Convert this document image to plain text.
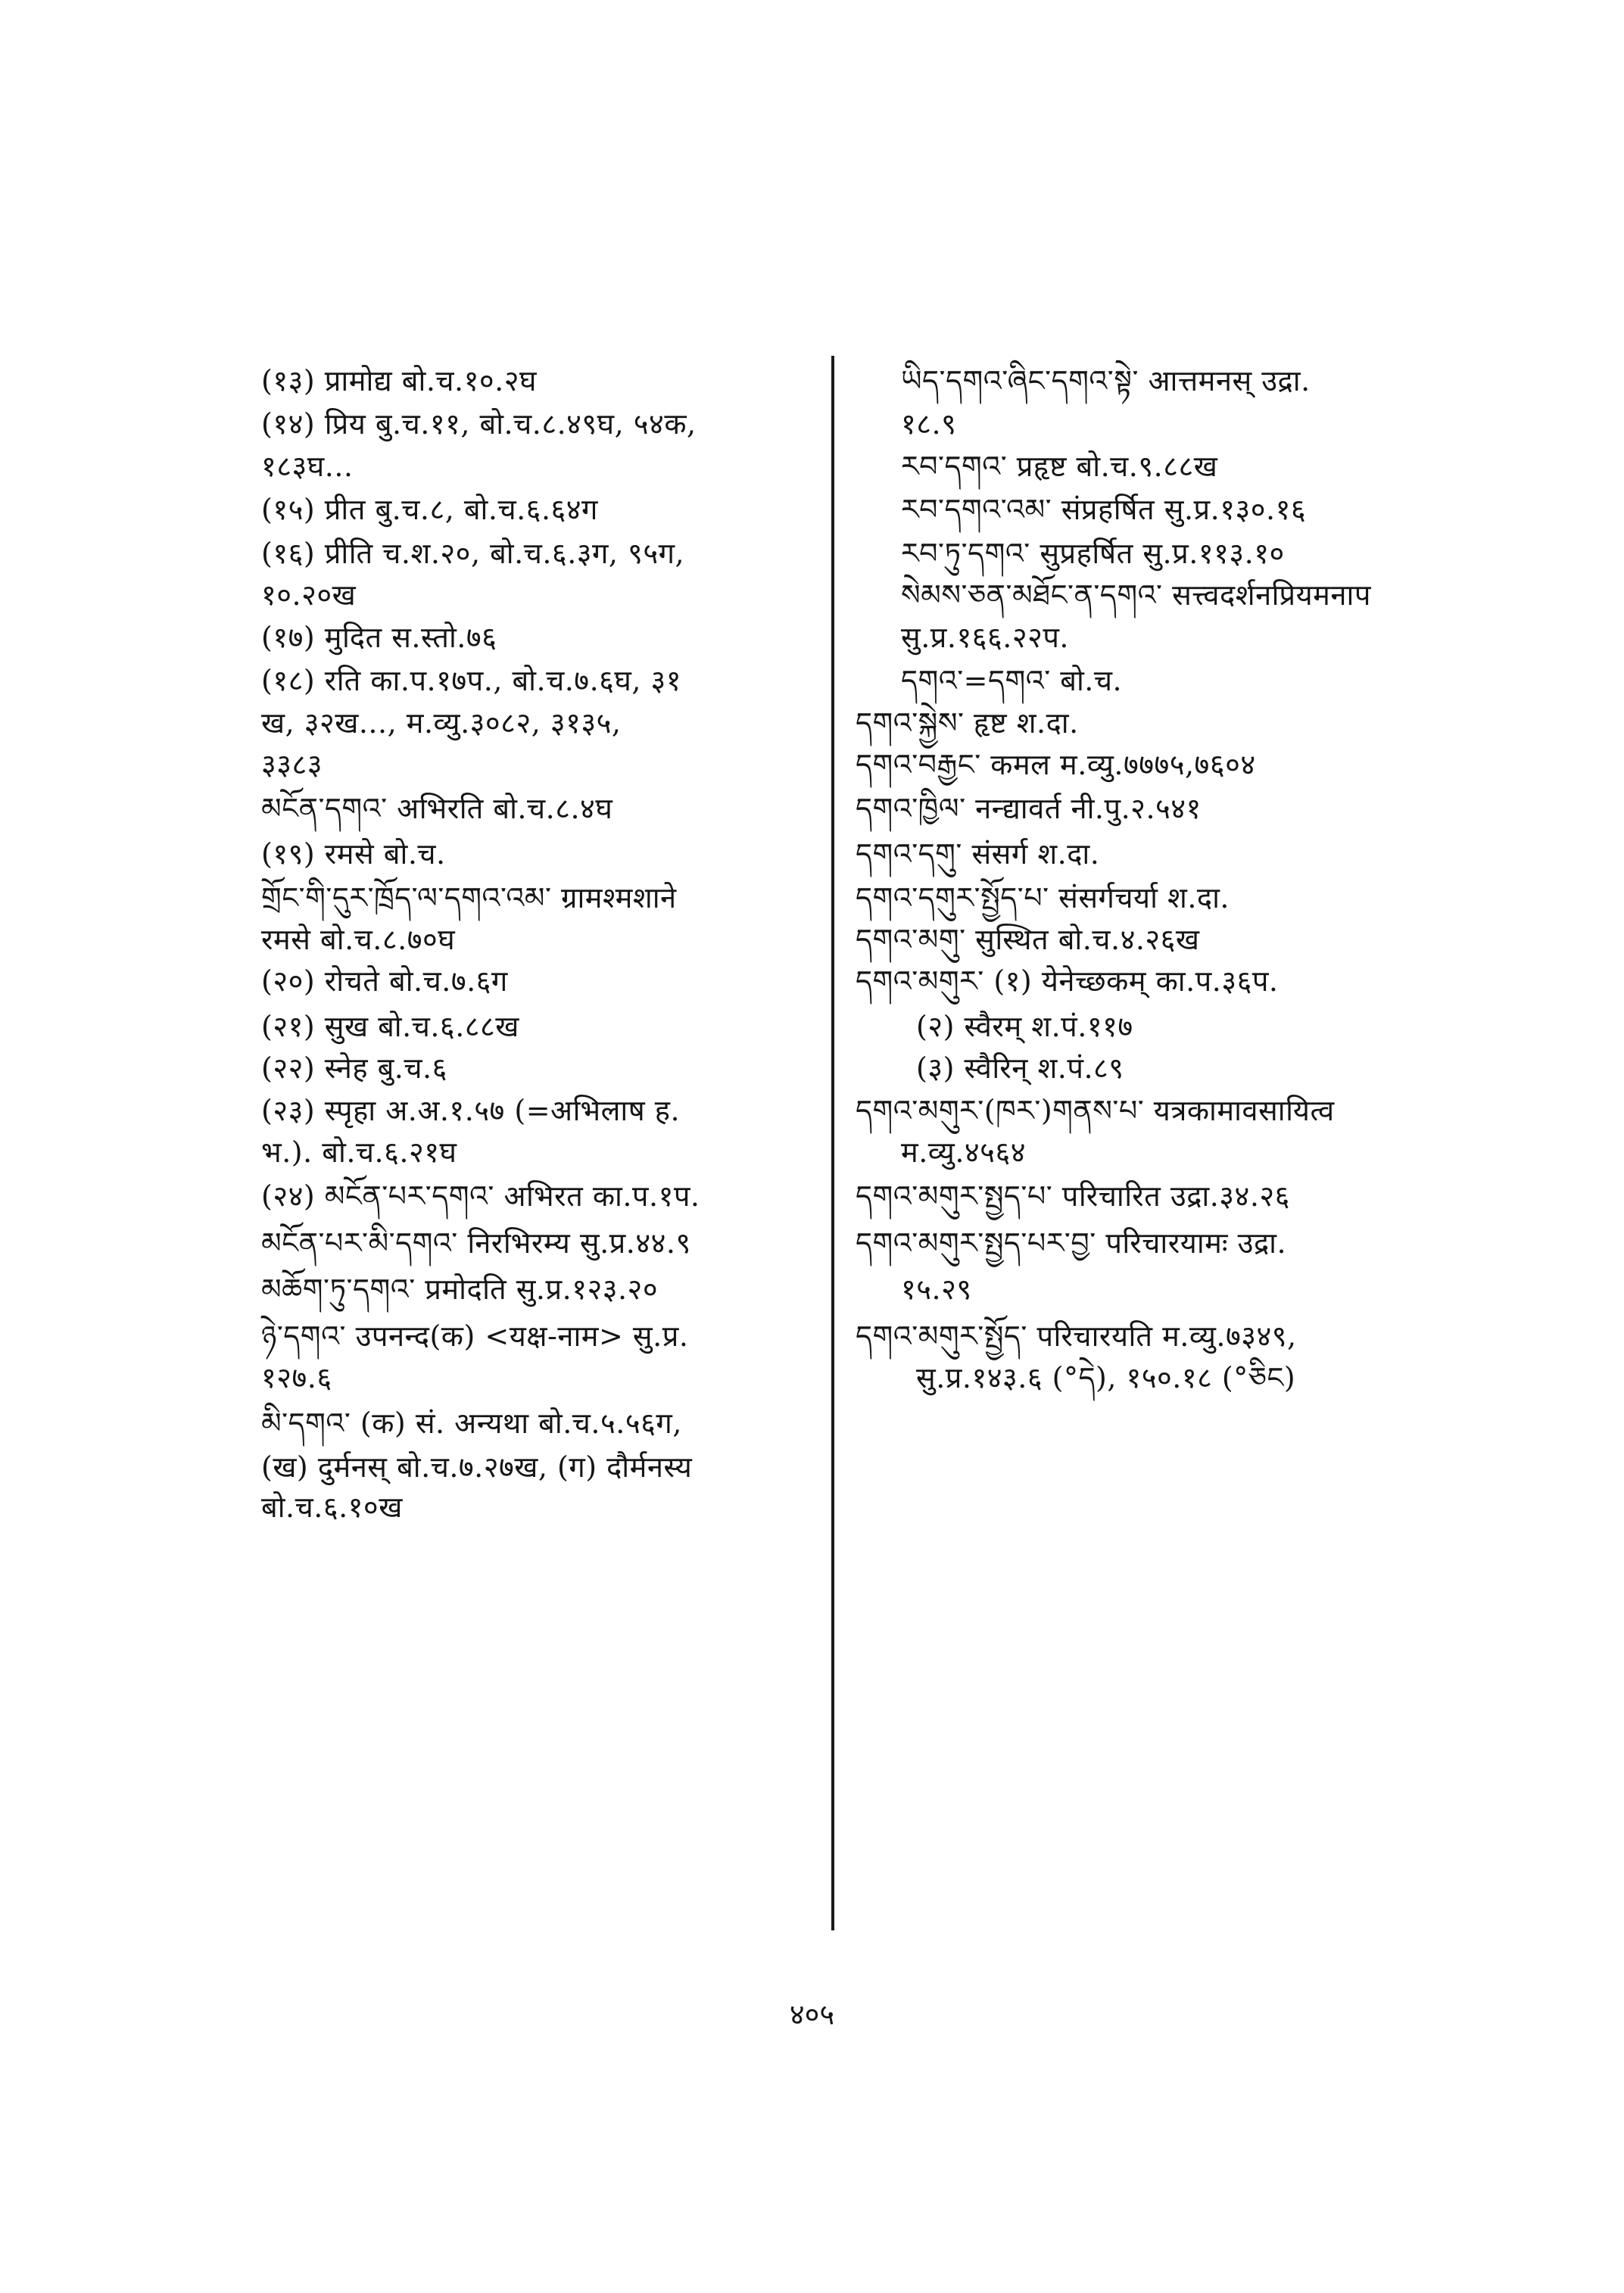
(१३) प्रामोद्य बो.च.१०.२घ
(१४) प्रिय बु.च.११, बो.च.८.४९घ, ५४क,
१८३घ...
(१५) प्रीत बु.च.८, बो.च.६.६४ग
(१६) प्रीति च.श.२०, बो.च.६.३ग, ९५ग,
१०.२०ख
(१७) मुदित स.स्तो.७६
(१८) रति का.प.१७प., बो.च.७.६घ, ३१
ख, ३२ख..., म.व्यु.३०८२, ३१३५,
३३८३
མངོན་དགའ་ अभिरति बो.च.८.४घ
(१९) रमसे बो.च.
གྲོང་གི་དུར་ཁྲོད་ལ་དགའ་འམ་ ग्रामश्मशाने
रमसे बो.च.८.७०घ
(२०) रोचते बो.च.७.६ग
(२१) सुख बो.च.६.८८ख
(२२) स्नेह बु.च.६
(२३) स्पृहा अ.अ.१.५७ (=अभिलाष ह.
भ.). बो.च.६.२१घ
(२४) མངོན་པར་དགའ་ अभिरत का.प.१प.
མངོན་པར་མི་དགའ་ निरभिरम्य सु.प्र.४४.९
མཆོག་ཏུ་དགའ་ प्रमोदति सु.प्र.१२३.२०
ཉེ་དགའ་ उपनन्द(क) <यक्ष-नाम> सु.प्र.
१२७.६
མི་དགའ་ (क) सं. अन्यथा बो.च.५.५६ग,
(ख) दुर्मनस् बो.च.७.२७ख, (ग) दौर्मनस्य
बो.च.६.१०ख
ཡིད་དགའ་ཞིང་དགའ་སྟེ་ आत्तमनस् उद्रा.
१८.९
རབ་དགའ་ प्रहृष्ट बो.च.९.८८ख
རབ་དགའ་འམ་ संप्रहर्षित सु.प्र.१३०.१६
རབ་ཏུ་དགའ་ सुप्रहर्षित सु.प्र.११३.१०
སེམས་ཅན་མཐོང་ན་དགའ་ सत्त्वदर्शनप्रियमनाप
सु.प्र.१६६.२२प.
དགའ་=དགའ་ बो.च.
དགའ་སྐྱེས་ हृष्ट श.दा.
དགའ་བརྒྱང་ कमल म.व्यु.७७७५,७६०४
དགའ་ཁྱིལ་ नन्द्यावर्त नी.पु.२.५४१
དགའ་དགུ་ संसर्ग श.दा.
དགའ་དགུར་སྤྱོད་པ་ संसर्गचर्या श.दा.
དགའ་མགུ་ सुस्थित बो.च.४.२६ख
དགའ་མགུར་ (१) येनेच्छकम् का.प.३६प.
(२) स्वैरम् श.पं.११७
(३) स्वैरिन् श.पं.८९
དགའ་མགུར་(ཁར་)གནས་པ་ यत्रकामावसायित्व
म.व्यु.४५६४
དགའ་མགུར་སྤྱད་པ་ परिचारित उद्रा.३४.२६
དགའ་མགུར་སྤྱད་པར་བྱ་ परिचारयामः उद्रा.
१५.२९
དགའ་མགུར་སྤྱོད་ परिचारयति म.व्यु.७३४९,
सु.प्र.१४३.६ (°དེ), १५०.१८ (°ཅིང)
४०५
